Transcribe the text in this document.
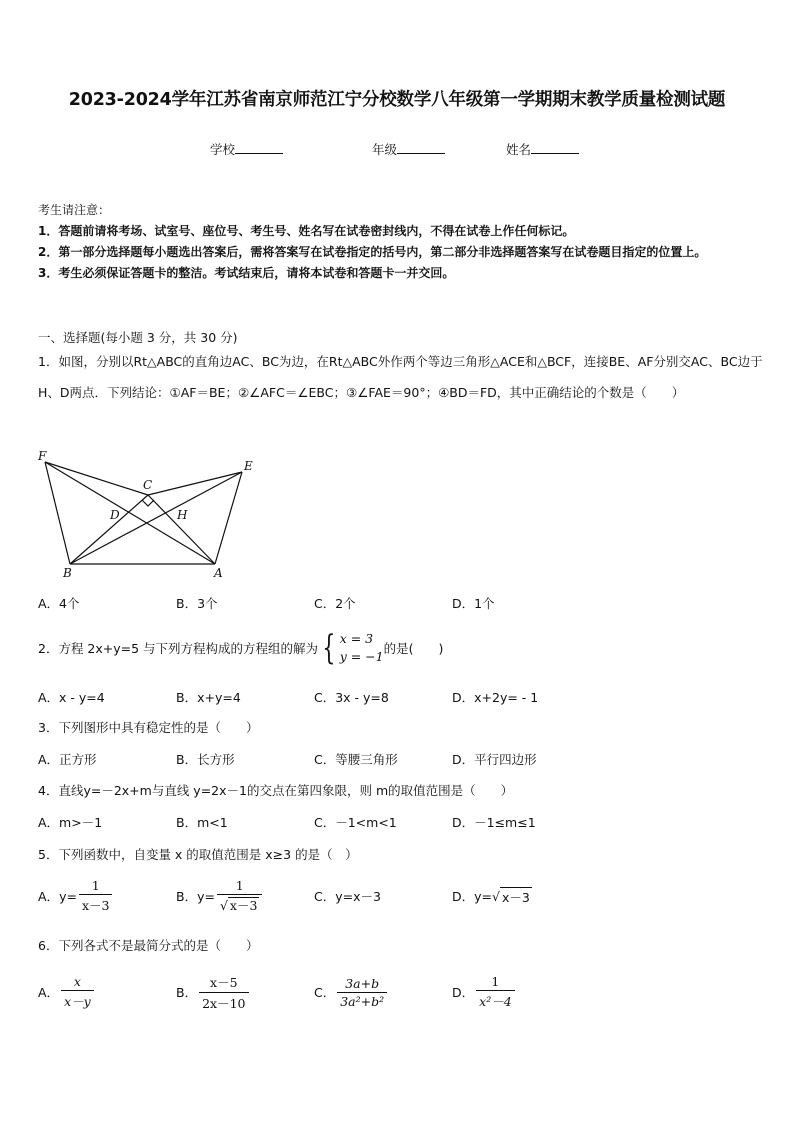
2023-2024学年江苏省南京师范江宁分校数学八年级第一学期期末教学质量检测试题
学校	年级	姓名
考生请注意：
1．答题前请将考场、试室号、座位号、考生号、姓名写在试卷密封线内，不得在试卷上作任何标记。
2．第一部分选择题每小题选出答案后，需将答案写在试卷指定的括号内，第二部分非选择题答案写在试卷题目指定的位置上。
3．考生必须保证答题卡的整洁。考试结束后，请将本试卷和答题卡一并交回。
一、选择题(每小题 3 分，共 30 分)
1．如图，分别以Rt△ABC的直角边AC、BC为边，在Rt△ABC外作两个等边三角形△ACE和△BCF，连接BE、AF分别交AC、BC边于H、D两点．下列结论：①AF＝BE；②∠AFC＝∠EBC；③∠FAE＝90°；④BD＝FD，其中正确结论的个数是（　　）
F
E
C
D	H
B	A
A．4个	B．3个	C．2个	D．1个
2．方程 2x+y=5 与下列方程构成的方程组的解为 { x = 3
y = −1
的是(　　)
A．x - y=4	B．x+y=4	C．3x - y=8	D．x+2y= - 1
3．下列图形中具有稳定性的是（　　）
A．正方形	B．长方形	C．等腰三角形	D．平行四边形
4．直线y=－2x+m与直线 y=2x－1的交点在第四象限，则 m的取值范围是（　　）
A．m>－1	B．m<1	C．－1<m<1	D．－1≤m≤1
5．下列函数中，自变量 x 的取值范围是 x≥3 的是（　）
A． $y= \frac{1}{x-3}$	B． $y= \frac{1}{√ x-3}$	C．y=x－3	D． y= √ x－3
6．下列各式不是最简分式的是（　　）
A． $\frac{x}{x-y}$	B． $\frac{x-5}{2x-10}$	C． $\frac{3a+b}{\text{3a²+b²}}$	D． $\frac{1}{\text{x²－4}}$
